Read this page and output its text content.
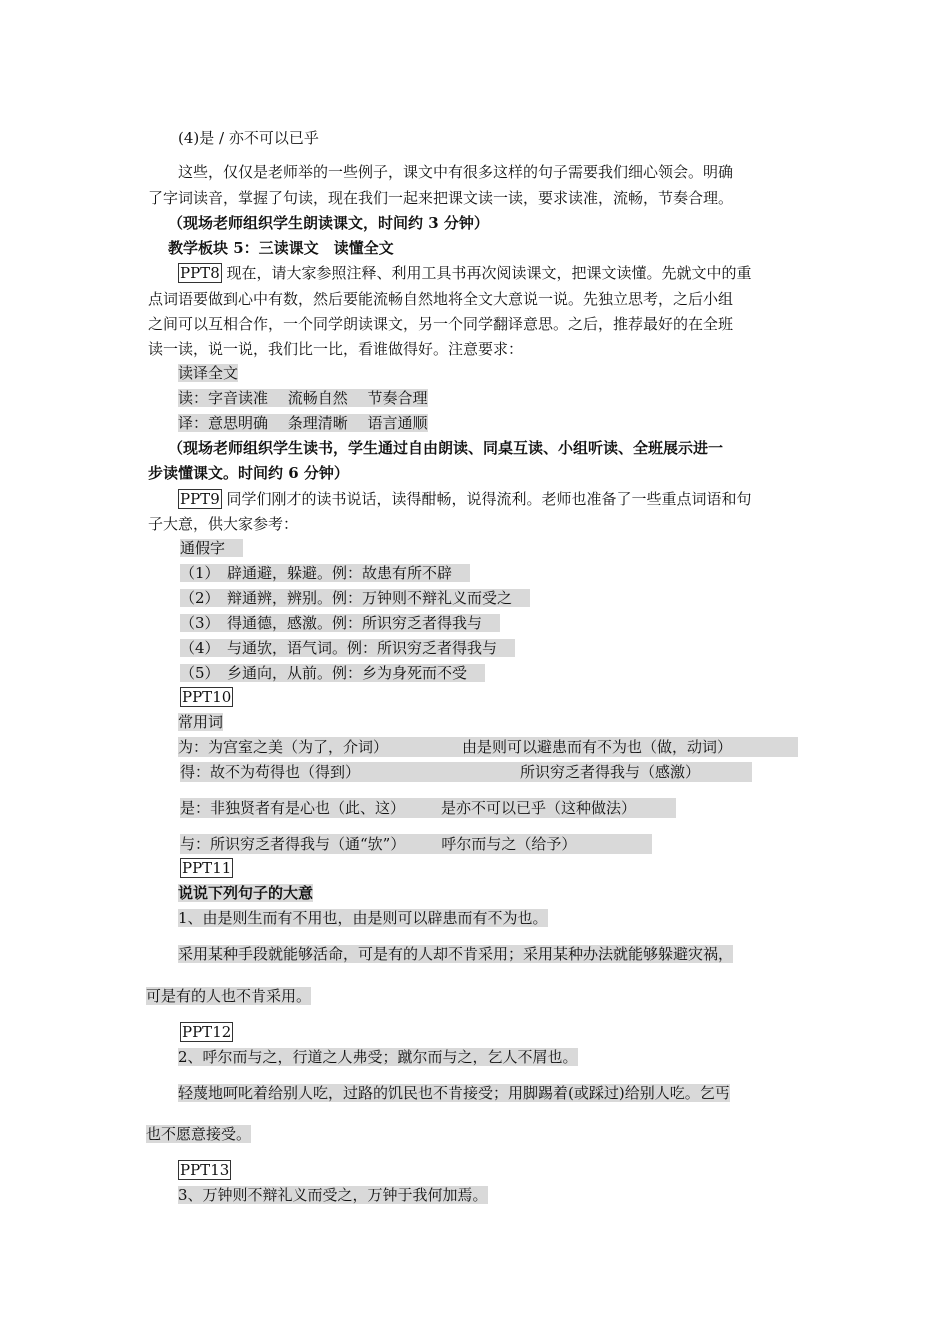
(4)是 / 亦不可以已乎
这些，仅仅是老师举的一些例子，课文中有很多这样的句子需要我们细心领会。明确
了字词读音，掌握了句读，现在我们一起来把课文读一读，要求读准，流畅，节奏合理。
（现场老师组织学生朗读课文，时间约 3 分钟）
教学板块 5：三读课文　读懂全文
PPT8 现在，请大家参照注释、利用工具书再次阅读课文，把课文读懂。先就文中的重
点词语要做到心中有数，然后要能流畅自然地将全文大意说一说。先独立思考，之后小组
之间可以互相合作，一个同学朗读课文，另一个同学翻译意思。之后，推荐最好的在全班
读一读，说一说，我们比一比，看谁做得好。注意要求：
读译全文
读：字音读准　 流畅自然　 节奏合理
译：意思明确　 条理清晰　 语言通顺
（现场老师组织学生读书，学生通过自由朗读、同桌互读、小组听读、全班展示进一
步读懂课文。时间约 6 分钟）
PPT9 同学们刚才的读书说话，读得酣畅，说得流利。老师也准备了一些重点词语和句
子大意，供大家参考：
通假字
（1）　辟通避，躲避。例：故患有所不辟
（2）　辩通辨，辨别。例：万钟则不辩礼义而受之
（3）　得通德，感激。例：所识穷乏者得我与
（4）　与通欤，语气词。例：所识穷乏者得我与
（5）　乡通向，从前。例：乡为身死而不受
PPT10
常用词
为：为宫室之美（为了，介词）	由是则可以避患而有不为也（做，动词）
得：故不为苟得也（得到）	所识穷乏者得我与（感激）
是：非独贤者有是心也（此、这） 是亦不可以已乎（这种做法）
与：所识穷乏者得我与（通“欤”） 呼尔而与之（给予）
PPT11
说说下列句子的大意
1、由是则生而有不用也，由是则可以辟患而有不为也。
采用某种手段就能够活命，可是有的人却不肯采用；采用某种办法就能够躲避灾祸，
可是有的人也不肯采用。
PPT12
2、呼尔而与之，行道之人弗受；蹴尔而与之，乞人不屑也。
轻蔑地呵叱着给别人吃，过路的饥民也不肯接受；用脚踢着(或踩过)给别人吃。乞丐
也不愿意接受。
PPT13
3、万钟则不辩礼义而受之，万钟于我何加焉。
